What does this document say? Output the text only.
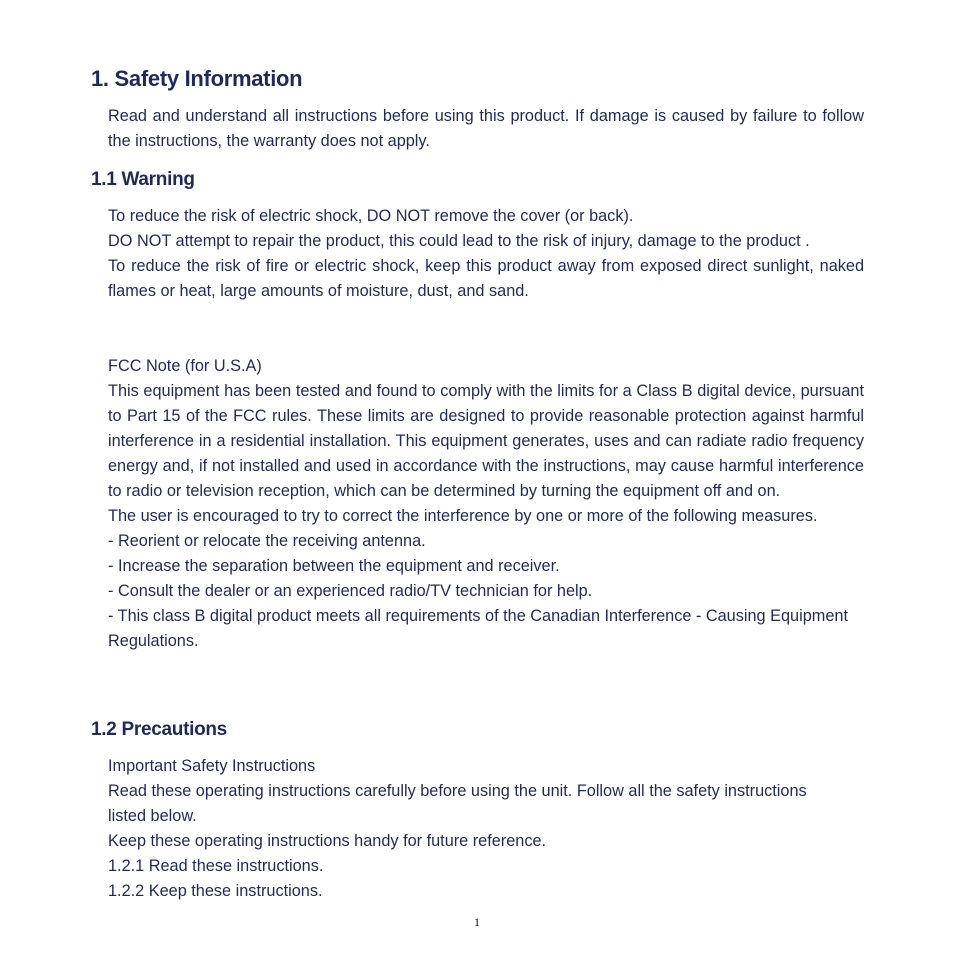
1. Safety Information

Read and understand all instructions before using this product. If damage is caused by failure to follow the instructions, the warranty does not apply.

1.1 Warning

To reduce the risk of electric shock, DO NOT remove the cover (or back).

DO NOT attempt to repair the product, this could lead to the risk of injury, damage to the product .

To reduce the risk of fire or electric shock, keep this product away from exposed direct sunlight, naked flames or heat, large amounts of moisture, dust, and sand.

FCC Note (for U.S.A)

This equipment has been tested and found to comply with the limits for a Class B digital device, pursuant to Part 15 of the FCC rules. These limits are designed to provide reasonable protection against harmful interference in a residential installation. This equipment generates, uses and can radiate radio frequency energy and, if not installed and used in accordance with the instructions, may cause harmful interference to radio or television reception, which can be determined by turning the equipment off and on.

The user is encouraged to try to correct the interference by one or more of the following measures.

- Reorient or relocate the receiving antenna.

- Increase the separation between the equipment and receiver.

- Consult the dealer or an experienced radio/TV technician for help.

- This class B digital product meets all requirements of the Canadian Interference - Causing Equipment Regulations.

1.2 Precautions

Important Safety Instructions

Read these operating instructions carefully before using the unit. Follow all the safety instructions listed below.

Keep these operating instructions handy for future reference.

1.2.1 Read these instructions.

1.2.2 Keep these instructions.

1
